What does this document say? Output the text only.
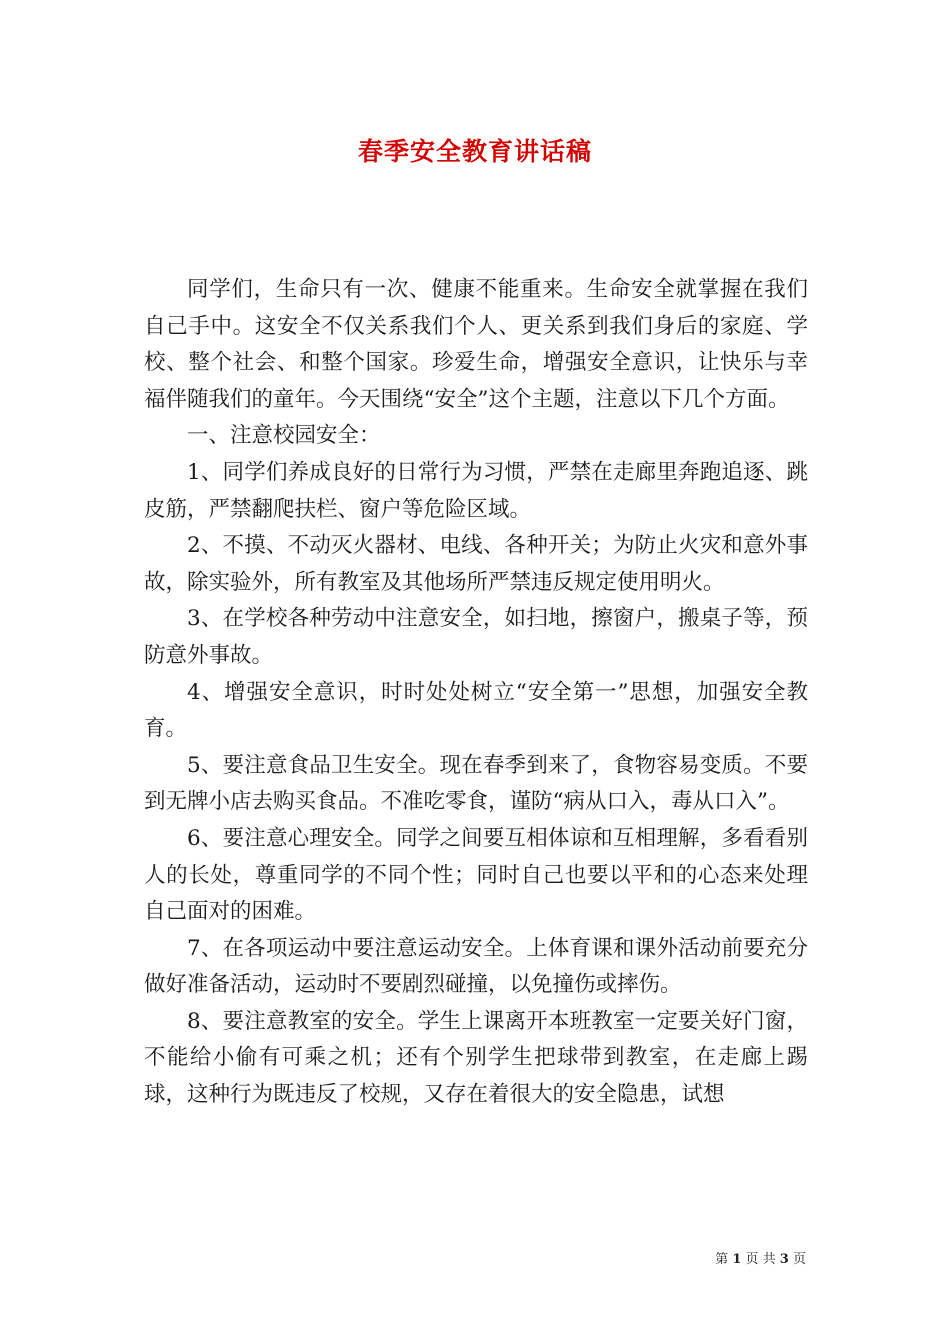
春季安全教育讲话稿

同学们，生命只有一次、健康不能重来。生命安全就掌握在我们自己手中。这安全不仅关系我们个人、更关系到我们身后的家庭、学校、整个社会、和整个国家。珍爱生命，增强安全意识，让快乐与幸福伴随我们的童年。今天围绕“安全”这个主题，注意以下几个方面。

一、注意校园安全：

1、同学们养成良好的日常行为习惯，严禁在走廊里奔跑追逐、跳皮筋，严禁翻爬扶栏、窗户等危险区域。

2、不摸、不动灭火器材、电线、各种开关；为防止火灾和意外事故，除实验外，所有教室及其他场所严禁违反规定使用明火。

3、在学校各种劳动中注意安全，如扫地，擦窗户，搬桌子等，预防意外事故。

4、增强安全意识，时时处处树立“安全第一”思想，加强安全教育。

5、要注意食品卫生安全。现在春季到来了，食物容易变质。不要到无牌小店去购买食品。不准吃零食，谨防“病从口入，毒从口入”。

6、要注意心理安全。同学之间要互相体谅和互相理解，多看看别人的长处，尊重同学的不同个性；同时自己也要以平和的心态来处理自己面对的困难。

7、在各项运动中要注意运动安全。上体育课和课外活动前要充分做好准备活动，运动时不要剧烈碰撞，以免撞伤或摔伤。

8、要注意教室的安全。学生上课离开本班教室一定要关好门窗，不能给小偷有可乘之机；还有个别学生把球带到教室，在走廊上踢球，这种行为既违反了校规，又存在着很大的安全隐患，试想

第 1 页 共 3 页
